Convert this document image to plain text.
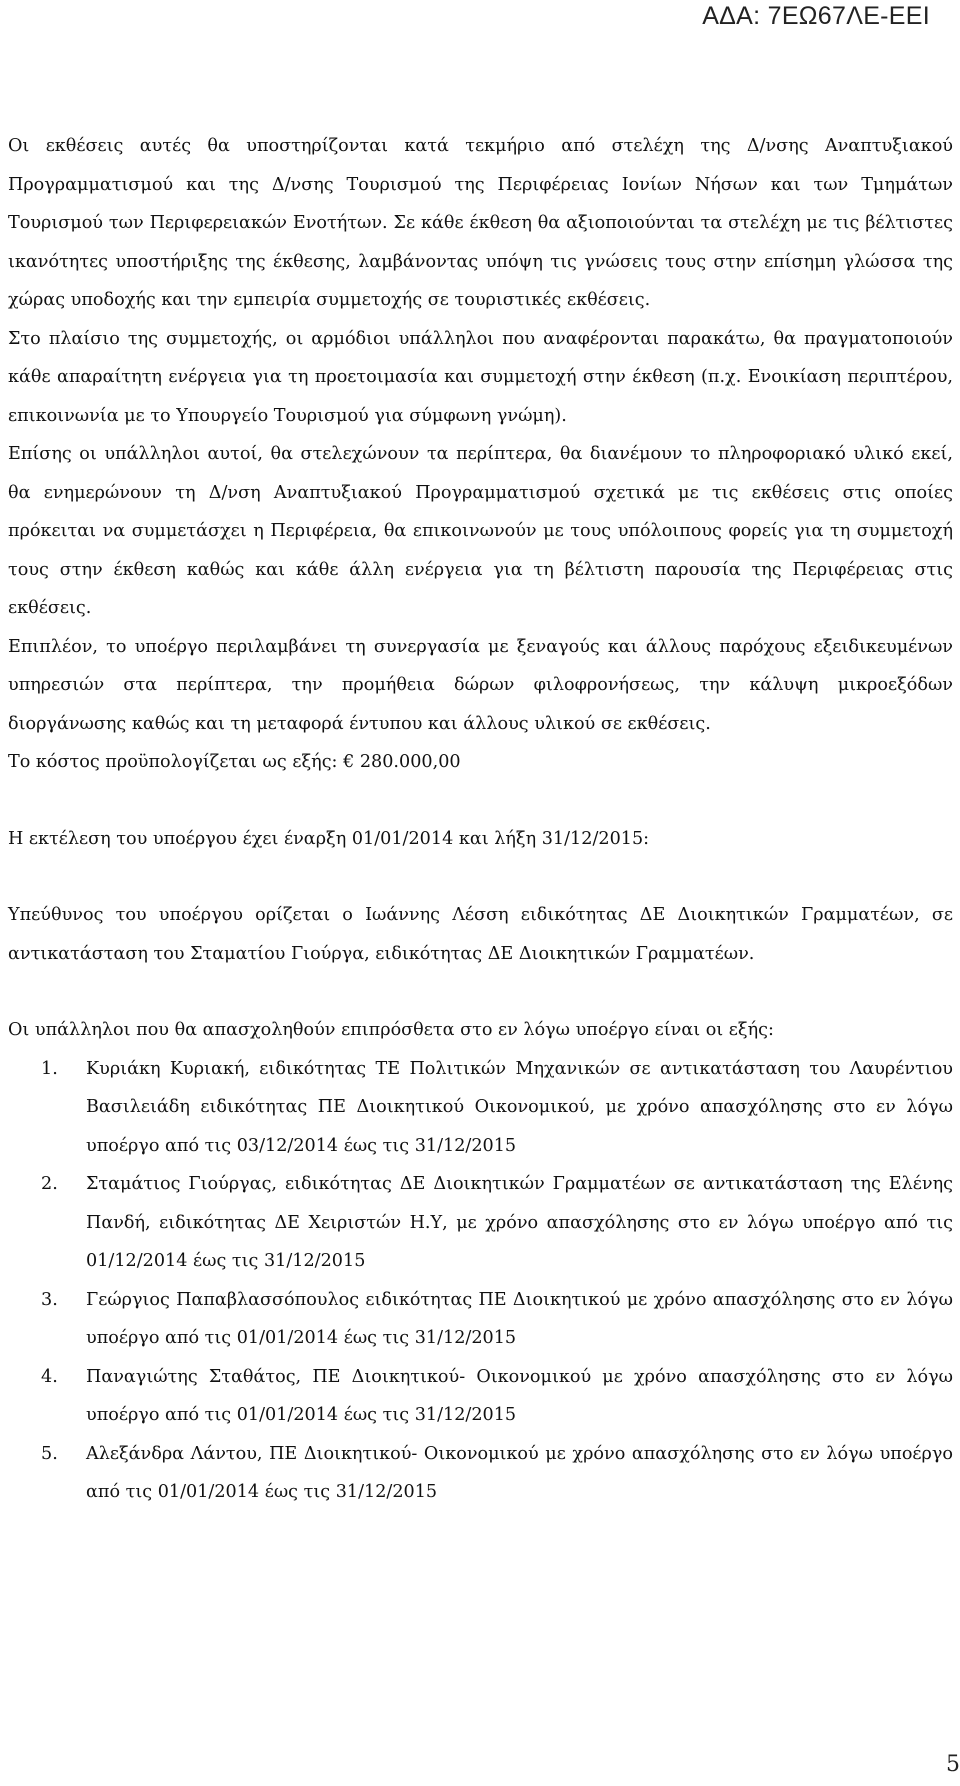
ΑΔΑ: 7ΕΩ67ΛΕ-ΕΕΙ

Οι εκθέσεις αυτές θα υποστηρίζονται κατά τεκμήριο από στελέχη της Δ/νσης Αναπτυξιακού Προγραμματισμού και της Δ/νσης Τουρισμού της Περιφέρειας Ιονίων Νήσων και των Τμημάτων Τουρισμού των Περιφερειακών Ενοτήτων. Σε κάθε έκθεση θα αξιοποιούνται τα στελέχη με τις βέλτιστες ικανότητες υποστήριξης της έκθεσης, λαμβάνοντας υπόψη τις γνώσεις τους στην επίσημη γλώσσα της χώρας υποδοχής και την εμπειρία συμμετοχής σε τουριστικές εκθέσεις.

Στο πλαίσιο της συμμετοχής, οι αρμόδιοι υπάλληλοι που αναφέρονται παρακάτω, θα πραγματοποιούν κάθε απαραίτητη ενέργεια για τη προετοιμασία και συμμετοχή στην έκθεση (π.χ. Ενοικίαση περιπτέρου, επικοινωνία με το Υπουργείο Τουρισμού για σύμφωνη γνώμη).

Επίσης οι υπάλληλοι αυτοί, θα στελεχώνουν τα περίπτερα, θα διανέμουν το πληροφοριακό υλικό εκεί, θα ενημερώνουν τη Δ/νση Αναπτυξιακού Προγραμματισμού σχετικά με τις εκθέσεις στις οποίες πρόκειται να συμμετάσχει η Περιφέρεια, θα επικοινωνούν με τους υπόλοιπους φορείς για τη συμμετοχή τους στην έκθεση καθώς και κάθε άλλη ενέργεια για τη βέλτιστη παρουσία της Περιφέρειας στις εκθέσεις.

Επιπλέον, το υποέργο περιλαμβάνει τη συνεργασία με ξεναγούς και άλλους παρόχους εξειδικευμένων υπηρεσιών στα περίπτερα, την προμήθεια δώρων φιλοφρονήσεως, την κάλυψη μικροεξόδων διοργάνωσης καθώς και τη μεταφορά έντυπου και άλλους υλικού σε εκθέσεις.

Το κόστος προϋπολογίζεται ως εξής: € 280.000,00

Η εκτέλεση του υποέργου έχει έναρξη 01/01/2014 και λήξη 31/12/2015:

Υπεύθυνος του υποέργου ορίζεται ο Ιωάννης Λέσση ειδικότητας ΔΕ Διοικητικών Γραμματέων, σε αντικατάσταση του Σταματίου Γιούργα, ειδικότητας ΔΕ Διοικητικών Γραμματέων.

Οι υπάλληλοι που θα απασχοληθούν επιπρόσθετα στο εν λόγω υποέργο είναι οι εξής:

1. Κυριάκη Κυριακή, ειδικότητας ΤΕ Πολιτικών Μηχανικών σε αντικατάσταση του Λαυρέντιου Βασιλειάδη ειδικότητας ΠΕ Διοικητικού Οικονομικού, με χρόνο απασχόλησης στο εν λόγω υποέργο από τις 03/12/2014 έως τις 31/12/2015
2. Σταμάτιος Γιούργας, ειδικότητας ΔΕ Διοικητικών Γραμματέων σε αντικατάσταση της Ελένης Πανδή, ειδικότητας ΔΕ Χειριστών Η.Υ, με χρόνο απασχόλησης στο εν λόγω υποέργο από τις 01/12/2014 έως τις 31/12/2015
3. Γεώργιος Παπαβλασσόπουλος ειδικότητας ΠΕ Διοικητικού με χρόνο απασχόλησης στο εν λόγω υποέργο από τις 01/01/2014 έως τις 31/12/2015
4. Παναγιώτης Σταθάτος, ΠΕ Διοικητικού- Οικονομικού με χρόνο απασχόλησης στο εν λόγω υποέργο από τις 01/01/2014 έως τις 31/12/2015
5. Αλεξάνδρα Λάντου, ΠΕ Διοικητικού- Οικονομικού με χρόνο απασχόλησης στο εν λόγω υποέργο από τις 01/01/2014 έως τις 31/12/2015
5
